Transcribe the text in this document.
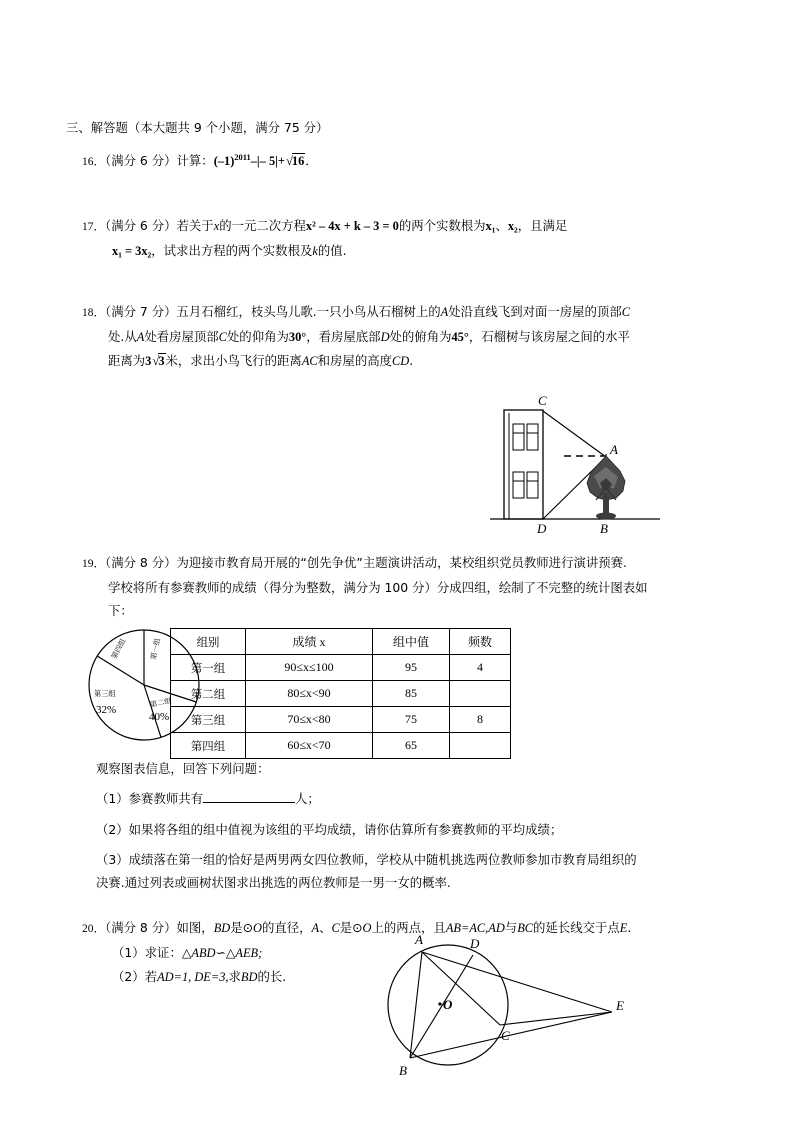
三、解答题（本大题共 9 个小题，满分 75 分）
16．（满分 6 分）计算：$(-1)^{2011}-|-$ 5|+√16．
17．（满分 6 分）若关于x的一元二次方程x² – 4x + k – 3 = 0的两个实数根为x₁、x₂，且满足
x₁ = 3x₂，试求出方程的两个实数根及k的值.
18．（满分 7 分）五月石榴红，枝头鸟儿歌.一只小鸟从石榴树上的A处沿直线飞到对面一房屋的顶部C
处.从A处看房屋顶部C处的仰角为30°，看房屋底部D处的俯角为45°，石榴树与该房屋之间的水平
距离为3√3米，求出小鸟飞行的距离AC和房屋的高度CD.
C
A
D	B
19．（满分 8 分）为迎接市教育局开展的“创先争优”主题演讲活动，某校组织党员教师进行演讲预赛.
学校将所有参赛教师的成绩（得分为整数，满分为 100 分）分成四组，绘制了不完整的统计图表如
下：
第四组	第一组
第三组
第二组
32%
40%
组别	成绩 x	组中值	频数
第一组	90≤x≤100	95	4
第二组	80≤x<90	85	
第三组	70≤x<80	75	8
第四组	60≤x<70	65	
观察图表信息，回答下列问题：
（1）参赛教师共有	人；
（2）如果将各组的组中值视为该组的平均成绩，请你估算所有参赛教师的平均成绩；
（3）成绩落在第一组的恰好是两男两女四位教师，学校从中随机挑选两位教师参加市教育局组织的
决赛.通过列表或画树状图求出挑选的两位教师是一男一女的概率.
20．（满分 8 分）如图，BD是⊙O的直径，A、C是⊙O上的两点，且AB=AC,AD与BC的延长线交于点E.
（1）求证：△ABD∽△AEB;
（2）若AD=1, DE=3,求BD的长.
A	D
E
C
B
O
